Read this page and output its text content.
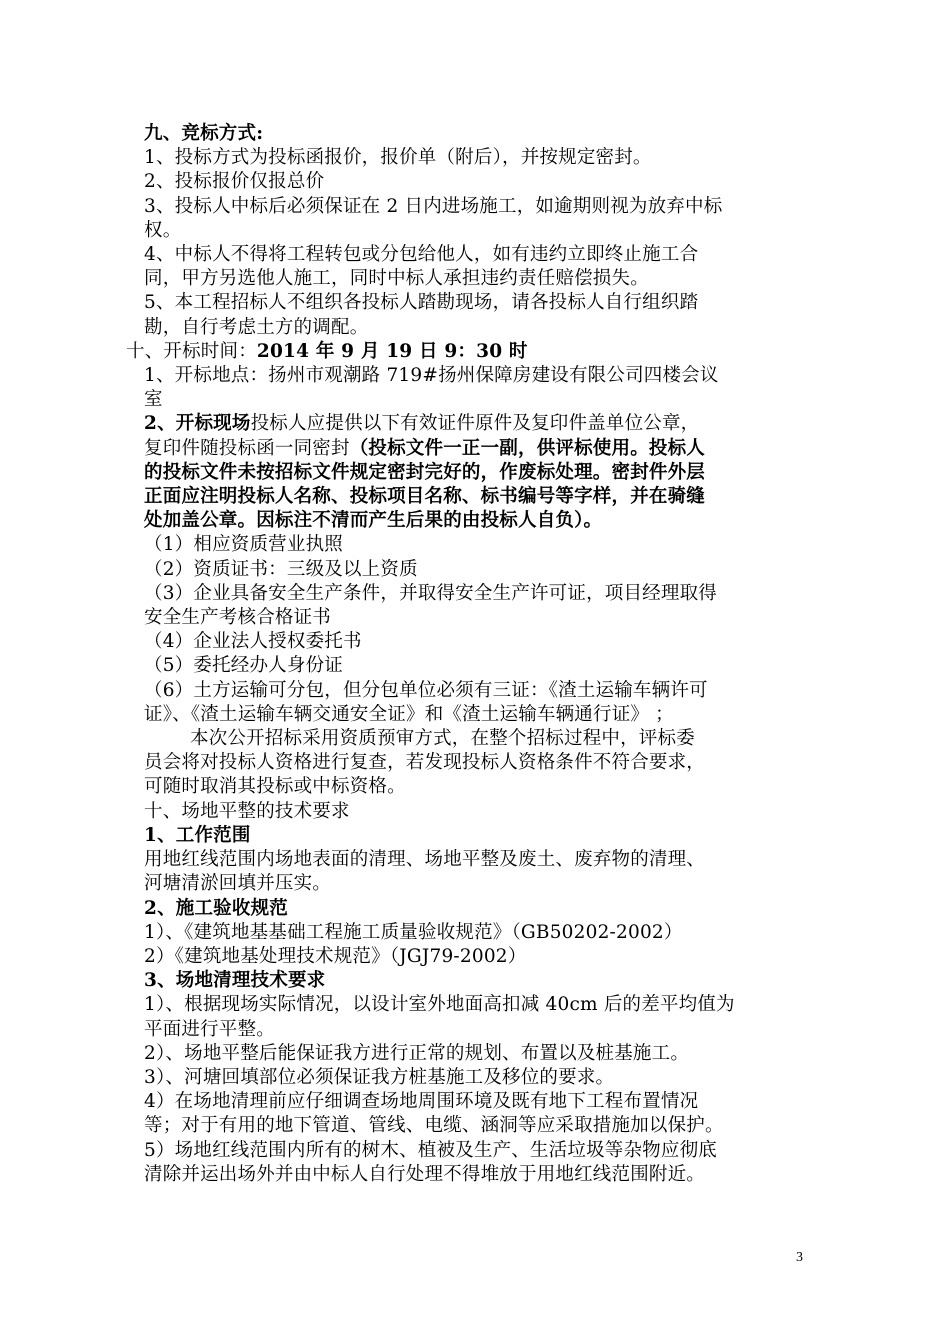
九、竞标方式:
1、投标方式为投标函报价，报价单（附后），并按规定密封。
2、投标报价仅报总价
3、投标人中标后必须保证在 2 日内进场施工，如逾期则视为放弃中标
权。
4、中标人不得将工程转包或分包给他人，如有违约立即终止施工合
同，甲方另选他人施工，同时中标人承担违约责任赔偿损失。
5、本工程招标人不组织各投标人踏勘现场，请各投标人自行组织踏
勘，自行考虑土方的调配。
十、开标时间：2014 年 9 月 19 日 9：30 时
1、开标地点：扬州市观潮路 719#扬州保障房建设有限公司四楼会议
室
2、开标现场投标人应提供以下有效证件原件及复印件盖单位公章，
复印件随投标函一同密封（投标文件一正一副，供评标使用。投标人
的投标文件未按招标文件规定密封完好的，作废标处理。密封件外层
正面应注明投标人名称、投标项目名称、标书编号等字样，并在骑缝
处加盖公章。因标注不清而产生后果的由投标人自负）。
（1）相应资质营业执照
（2）资质证书：三级及以上资质
（3）企业具备安全生产条件，并取得安全生产许可证，项目经理取得
安全生产考核合格证书
（4）企业法人授权委托书
（5）委托经办人身份证
（6）土方运输可分包，但分包单位必须有三证：《渣土运输车辆许可
证》、《渣土运输车辆交通安全证》和《渣土运输车辆通行证》 ；
本次公开招标采用资质预审方式，在整个招标过程中，评标委
员会将对投标人资格进行复查，若发现投标人资格条件不符合要求，
可随时取消其投标或中标资格。
十、场地平整的技术要求
1、工作范围
用地红线范围内场地表面的清理、场地平整及废土、废弃物的清理、
河塘清淤回填并压实。
2、施工验收规范
1）、《建筑地基基础工程施工质量验收规范》（GB50202-2002）
2）《建筑地基处理技术规范》（JGJ79-2002）
3、场地清理技术要求
1）、根据现场实际情况，以设计室外地面高扣减 40cm 后的差平均值为
平面进行平整。
2）、场地平整后能保证我方进行正常的规划、布置以及桩基施工。
3）、河塘回填部位必须保证我方桩基施工及移位的要求。
4）在场地清理前应仔细调查场地周围环境及既有地下工程布置情况
等；对于有用的地下管道、管线、电缆、涵洞等应采取措施加以保护。
5）场地红线范围内所有的树木、植被及生产、生活垃圾等杂物应彻底
清除并运出场外并由中标人自行处理不得堆放于用地红线范围附近。
3
